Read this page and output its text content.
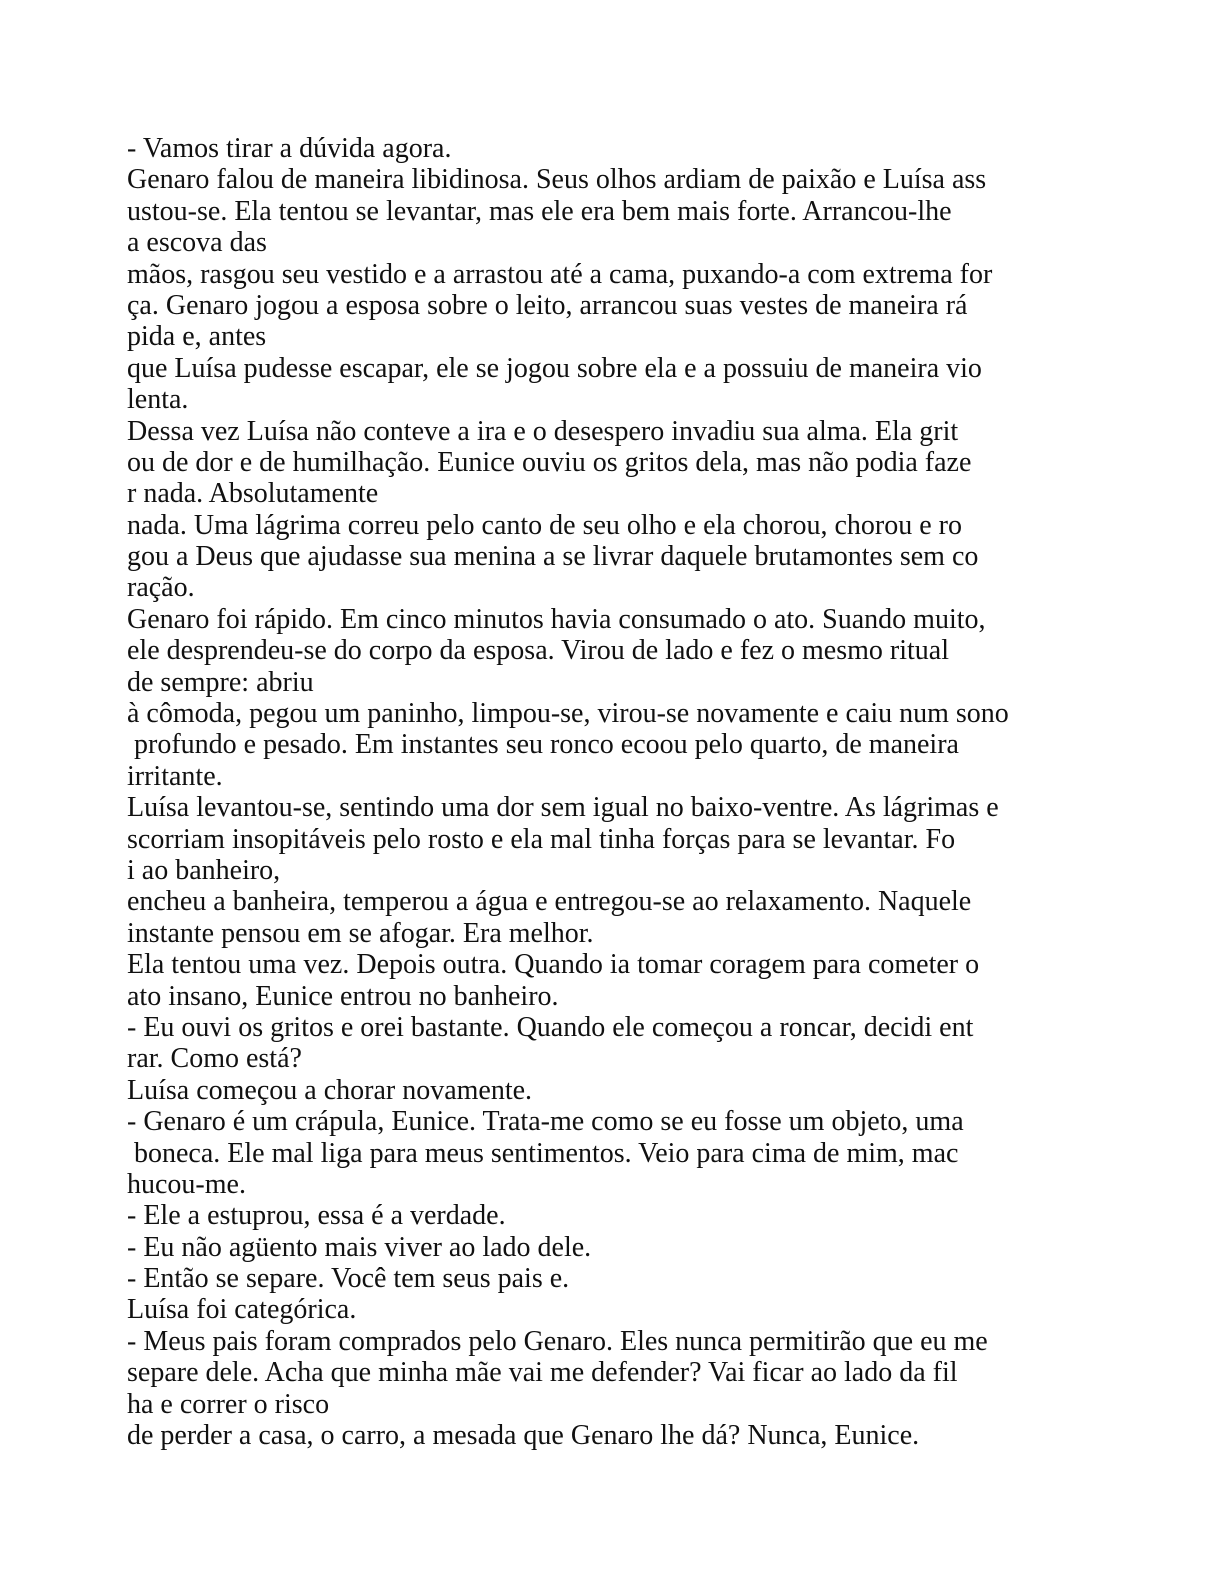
- Vamos tirar a dúvida agora.

Genaro falou de maneira libidinosa. Seus olhos ardiam de paixão e Luísa ass

ustou-se. Ela tentou se levantar, mas ele era bem mais forte. Arrancou-lhe

a escova das

mãos, rasgou seu vestido e a arrastou até a cama, puxando-a com extrema for

ça. Genaro jogou a esposa sobre o leito, arrancou suas vestes de maneira rá

pida e, antes

que Luísa pudesse escapar, ele se jogou sobre ela e a possuiu de maneira vio

lenta.

Dessa vez Luísa não conteve a ira e o desespero invadiu sua alma. Ela grit

ou de dor e de humilhação. Eunice ouviu os gritos dela, mas não podia faze

r nada. Absolutamente

nada. Uma lágrima correu pelo canto de seu olho e ela chorou, chorou e ro

gou a Deus que ajudasse sua menina a se livrar daquele brutamontes sem co

ração.

Genaro foi rápido. Em cinco minutos havia consumado o ato. Suando muito,

ele desprendeu-se do corpo da esposa. Virou de lado e fez o mesmo ritual

de sempre: abriu

à cômoda, pegou um paninho, limpou-se, virou-se novamente e caiu num sono

profundo e pesado. Em instantes seu ronco ecoou pelo quarto, de maneira

irritante.

Luísa levantou-se, sentindo uma dor sem igual no baixo-ventre. As lágrimas e

scorriam insopitáveis pelo rosto e ela mal tinha forças para se levantar. Fo

i ao banheiro,

encheu a banheira, temperou a água e entregou-se ao relaxamento. Naquele

instante pensou em se afogar. Era melhor.

Ela tentou uma vez. Depois outra. Quando ia tomar coragem para cometer o

ato insano, Eunice entrou no banheiro.

- Eu ouvi os gritos e orei bastante. Quando ele começou a roncar, decidi ent

rar. Como está?

Luísa começou a chorar novamente.

- Genaro é um crápula, Eunice. Trata-me como se eu fosse um objeto, uma

boneca. Ele mal liga para meus sentimentos. Veio para cima de mim, mac

hucou-me.

- Ele a estuprou, essa é a verdade.

- Eu não agüento mais viver ao lado dele.

- Então se separe. Você tem seus pais e.

Luísa foi categórica.

- Meus pais foram comprados pelo Genaro. Eles nunca permitirão que eu me

separe dele. Acha que minha mãe vai me defender? Vai ficar ao lado da fil

ha e correr o risco

de perder a casa, o carro, a mesada que Genaro lhe dá? Nunca, Eunice.
